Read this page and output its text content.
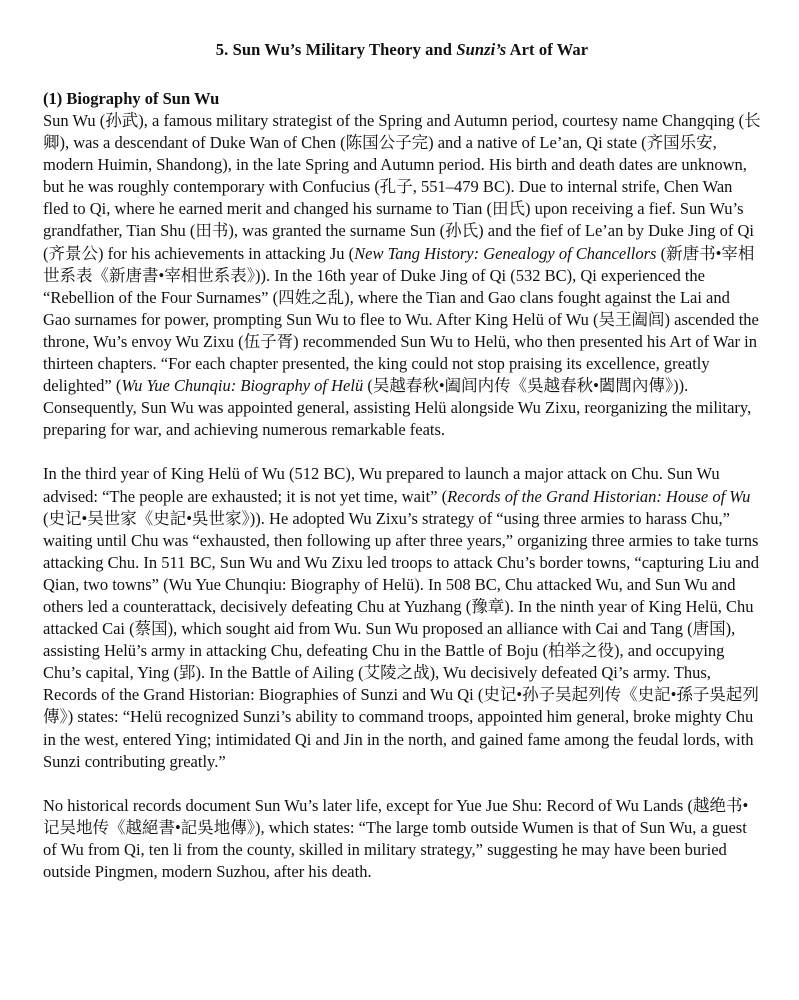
5. Sun Wu’s Military Theory and Sunzi’s Art of War
(1) Biography of Sun Wu

Sun Wu (孙武), a famous military strategist of the Spring and Autumn period, courtesy name Changqing (长卿), was a descendant of Duke Wan of Chen (陈国公子完) and a native of Le’an, Qi state (齐国乐安, modern Huimin, Shandong), in the late Spring and Autumn period. His birth and death dates are unknown, but he was roughly contemporary with Confucius (孔子, 551–479 BC). Due to internal strife, Chen Wan fled to Qi, where he earned merit and changed his surname to Tian (田氏) upon receiving a fief. Sun Wu’s grandfather, Tian Shu (田书), was granted the surname Sun (孙氏) and the fief of Le’an by Duke Jing of Qi (齐景公) for his achievements in attacking Ju (New Tang History: Genealogy of Chancellors (新唐书•宰相世系表《新唐書•宰相世系表》)). In the 16th year of Duke Jing of Qi (532 BC), Qi experienced the “Rebellion of the Four Surnames” (四姓之乱), where the Tian and Gao clans fought against the Lai and Gao surnames for power, prompting Sun Wu to flee to Wu. After King Helü of Wu (吴王阖闾) ascended the throne, Wu’s envoy Wu Zixu (伍子胥) recommended Sun Wu to Helü, who then presented his Art of War in thirteen chapters. “For each chapter presented, the king could not stop praising its excellence, greatly delighted” (Wu Yue Chunqiu: Biography of Helü (吴越春秋•阖闾内传《吳越春秋•闔閭內傳》)). Consequently, Sun Wu was appointed general, assisting Helü alongside Wu Zixu, reorganizing the military, preparing for war, and achieving numerous remarkable feats.

In the third year of King Helü of Wu (512 BC), Wu prepared to launch a major attack on Chu. Sun Wu advised: “The people are exhausted; it is not yet time, wait” (Records of the Grand Historian: House of Wu (史记•吴世家《史記•吳世家》)). He adopted Wu Zixu’s strategy of “using three armies to harass Chu,” waiting until Chu was “exhausted, then following up after three years,” organizing three armies to take turns attacking Chu. In 511 BC, Sun Wu and Wu Zixu led troops to attack Chu’s border towns, “capturing Liu and Qian, two towns” (Wu Yue Chunqiu: Biography of Helü). In 508 BC, Chu attacked Wu, and Sun Wu and others led a counterattack, decisively defeating Chu at Yuzhang (豫章). In the ninth year of King Helü, Chu attacked Cai (蔡国), which sought aid from Wu. Sun Wu proposed an alliance with Cai and Tang (唐国), assisting Helü’s army in attacking Chu, defeating Chu in the Battle of Boju (柏举之役), and occupying Chu’s capital, Ying (郢). In the Battle of Ailing (艾陵之战), Wu decisively defeated Qi’s army. Thus, Records of the Grand Historian: Biographies of Sunzi and Wu Qi (史记•孙子吴起列传《史記•孫子吳起列傳》) states: “Helü recognized Sunzi’s ability to command troops, appointed him general, broke mighty Chu in the west, entered Ying; intimidated Qi and Jin in the north, and gained fame among the feudal lords, with Sunzi contributing greatly.”

No historical records document Sun Wu’s later life, except for Yue Jue Shu: Record of Wu Lands (越绝书•记吴地传《越絕書•記吳地傳》), which states: “The large tomb outside Wumen is that of Sun Wu, a guest of Wu from Qi, ten li from the county, skilled in military strategy,” suggesting he may have been buried outside Pingmen, modern Suzhou, after his death.
